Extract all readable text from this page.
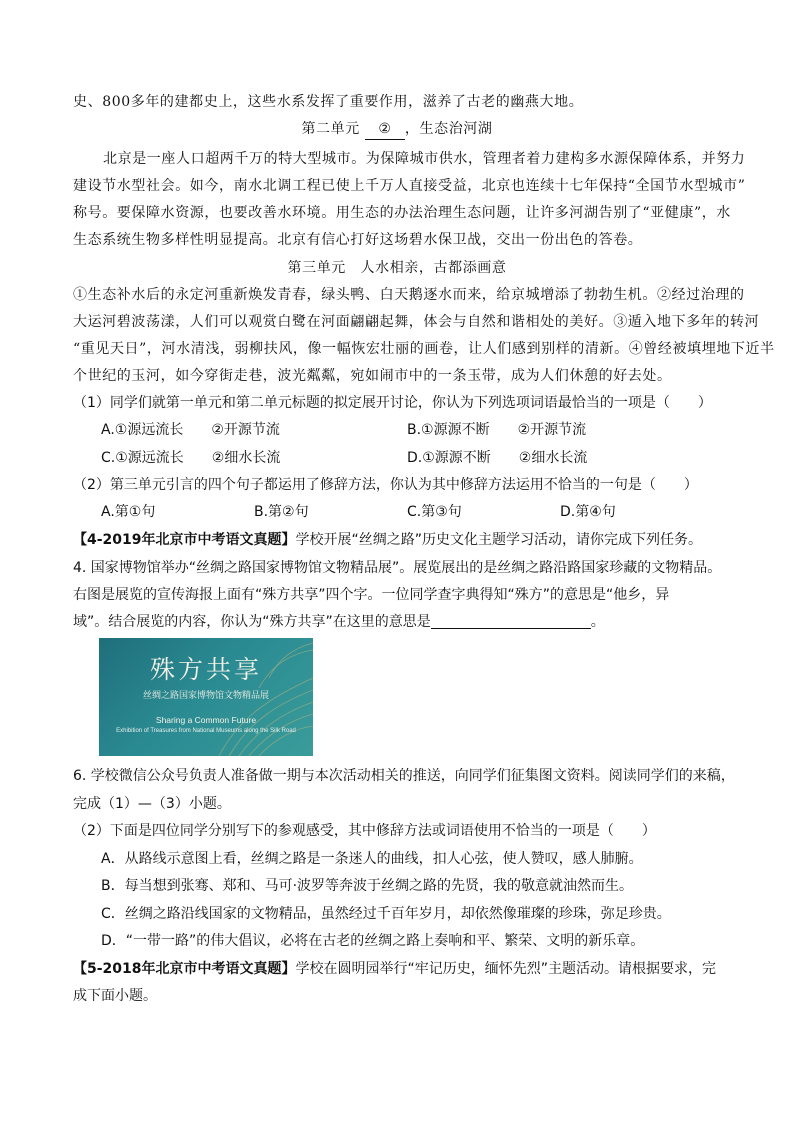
史、800多年的建都史上，这些水系发挥了重要作用，滋养了古老的幽燕大地。
第二单元 ② ，生态治河湖
北京是一座人口超两千万的特大型城市。为保障城市供水，管理者着力建构多水源保障体系，并努力
建设节水型社会。如今，南水北调工程已使上千万人直接受益，北京也连续十七年保持“全国节水型城市”
称号。要保障水资源，也要改善水环境。用生态的办法治理生态问题，让许多河湖告别了“亚健康”，水
生态系统生物多样性明显提高。北京有信心打好这场碧水保卫战，交出一份出色的答卷。
第三单元　人水相亲，古都添画意
①生态补水后的永定河重新焕发青春，绿头鸭、白天鹅逐水而来，给京城增添了勃勃生机。②经过治理的
大运河碧波荡漾，人们可以观赏白鹭在河面翩翩起舞，体会与自然和谐相处的美好。③遁入地下多年的转河
“重见天日”，河水清浅，弱柳扶风，像一幅恢宏壮丽的画卷，让人们感到别样的清新。④曾经被填埋地下近半
个世纪的玉河，如今穿街走巷，波光粼粼，宛如闹市中的一条玉带，成为人们休憩的好去处。
（1）同学们就第一单元和第二单元标题的拟定展开讨论，你认为下列选项词语最恰当的一项是（　　）
A.①源远流长　　②开源节流	B.①源源不断　　②开源节流
C.①源远流长　　②细水长流	D.①源源不断　　②细水长流
（2）第三单元引言的四个句子都运用了修辞方法，你认为其中修辞方法运用不恰当的一句是（　　）
A.第①句	B.第②句	C.第③句	D.第④句
【4-2019年北京市中考语文真题】学校开展“丝绸之路”历史文化主题学习活动，请你完成下列任务。
4. 国家博物馆举办“丝绸之路国家博物馆文物精品展”。展览展出的是丝绸之路沿路国家珍藏的文物精品。
右图是展览的宣传海报上面有“殊方共享”四个字。一位同学查字典得知“殊方”的意思是“他乡，异
域”。结合展览的内容，你认为“殊方共享”在这里的意思是	。
殊方共享
丝绸之路国家博物馆文物精品展
Sharing a Common Future
Exhibition of Treasures from National Museums along the Silk Road
6. 学校微信公众号负责人准备做一期与本次活动相关的推送，向同学们征集图文资料。阅读同学们的来稿，
完成（1）—（3）小题。
（2）下面是四位同学分别写下的参观感受，其中修辞方法或词语使用不恰当的一项是（　　）
A．从路线示意图上看，丝绸之路是一条迷人的曲线，扣人心弦，使人赞叹，感人肺腑。
B．每当想到张骞、郑和、马可·波罗等奔波于丝绸之路的先贤，我的敬意就油然而生。
C．丝绸之路沿线国家的文物精品，虽然经过千百年岁月，却依然像璀璨的珍珠，弥足珍贵。
D．“一带一路”的伟大倡议，必将在古老的丝绸之路上奏响和平、繁荣、文明的新乐章。
【5-2018年北京市中考语文真题】学校在圆明园举行“牢记历史，缅怀先烈”主题活动。请根据要求，完
成下面小题。
